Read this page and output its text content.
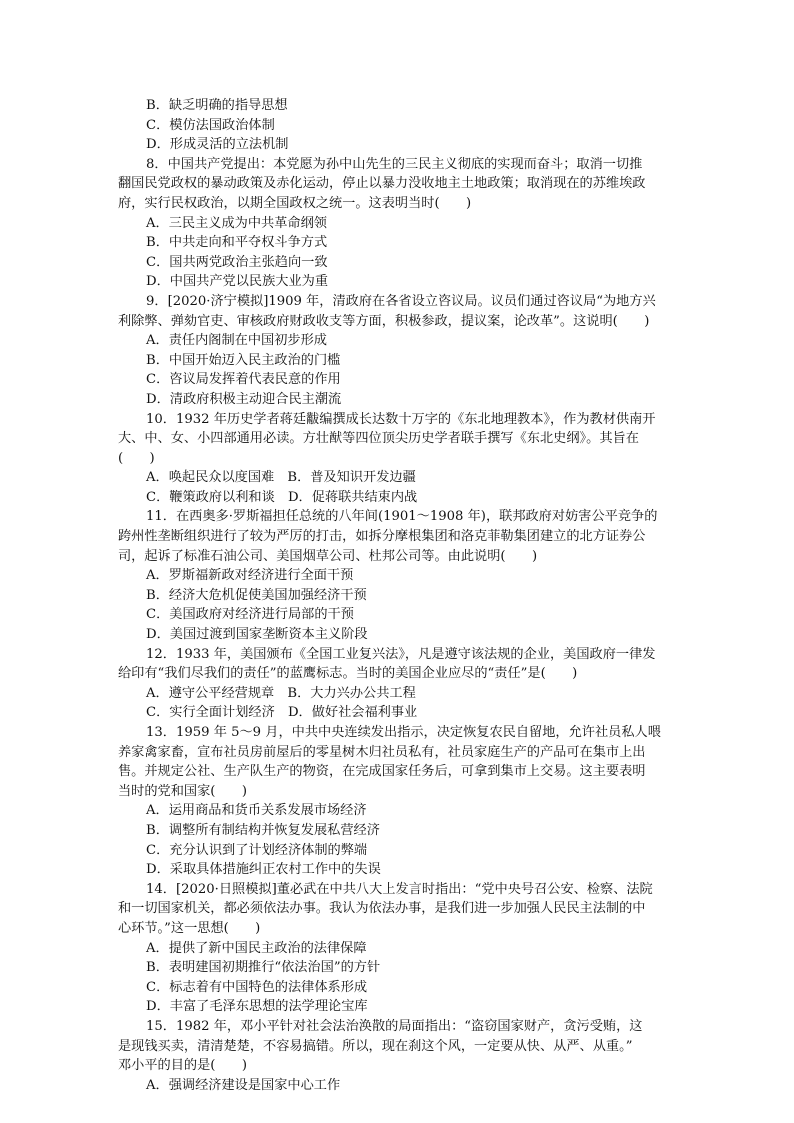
B．缺乏明确的指导思想
C．模仿法国政治体制
D．形成灵活的立法机制
8．中国共产党提出：本党愿为孙中山先生的三民主义彻底的实现而奋斗；取消一切推
翻国民党政权的暴动政策及赤化运动，停止以暴力没收地主土地政策；取消现在的苏维埃政
府，实行民权政治，以期全国政权之统一。这表明当时(　　)
A．三民主义成为中共革命纲领
B．中共走向和平夺权斗争方式
C．国共两党政治主张趋向一致
D．中国共产党以民族大业为重
9．[2020·济宁模拟]1909 年，清政府在各省设立咨议局。议员们通过咨议局“为地方兴
利除弊、弹劾官吏、审核政府财政收支等方面，积极参政，提议案，论改革”。这说明(　　)
A．责任内阁制在中国初步形成
B．中国开始迈入民主政治的门槛
C．咨议局发挥着代表民意的作用
D．清政府积极主动迎合民主潮流
10．1932 年历史学者蒋廷黻编撰成长达数十万字的《东北地理教本》，作为教材供南开
大、中、女、小四部通用必读。方壮猷等四位顶尖历史学者联手撰写《东北史纲》。其旨在
(　　)
A．唤起民众以度国难　B．普及知识开发边疆
C．鞭策政府以利和谈　D．促蒋联共结束内战
11．在西奥多·罗斯福担任总统的八年间(1901～1908 年)，联邦政府对妨害公平竞争的
跨州性垄断组织进行了较为严厉的打击，如拆分摩根集团和洛克菲勒集团建立的北方证券公
司，起诉了标准石油公司、美国烟草公司、杜邦公司等。由此说明(　　)
A．罗斯福新政对经济进行全面干预
B．经济大危机促使美国加强经济干预
C．美国政府对经济进行局部的干预
D．美国过渡到国家垄断资本主义阶段
12．1933 年，美国颁布《全国工业复兴法》，凡是遵守该法规的企业，美国政府一律发
给印有“我们尽我们的责任”的蓝鹰标志。当时的美国企业应尽的“责任”是(　　)
A．遵守公平经营规章　B．大力兴办公共工程
C．实行全面计划经济　D．做好社会福利事业
13．1959 年 5～9 月，中共中央连续发出指示，决定恢复农民自留地，允许社员私人喂
养家禽家畜，宣布社员房前屋后的零星树木归社员私有，社员家庭生产的产品可在集市上出
售。并规定公社、生产队生产的物资，在完成国家任务后，可拿到集市上交易。这主要表明
当时的党和国家(　　)
A．运用商品和货币关系发展市场经济
B．调整所有制结构并恢复发展私营经济
C．充分认识到了计划经济体制的弊端
D．采取具体措施纠正农村工作中的失误
14．[2020·日照模拟]董必武在中共八大上发言时指出：“党中央号召公安、检察、法院
和一切国家机关，都必须依法办事。我认为依法办事，是我们进一步加强人民民主法制的中
心环节。”这一思想(　　)
A．提供了新中国民主政治的法律保障
B．表明建国初期推行“依法治国”的方针
C．标志着有中国特色的法律体系形成
D．丰富了毛泽东思想的法学理论宝库
15．1982 年，邓小平针对社会法治涣散的局面指出：“盗窃国家财产，贪污受贿，这
是现钱买卖，清清楚楚，不容易搞错。所以，现在刹这个风，一定要从快、从严、从重。”
邓小平的目的是(　　)
A．强调经济建设是国家中心工作
